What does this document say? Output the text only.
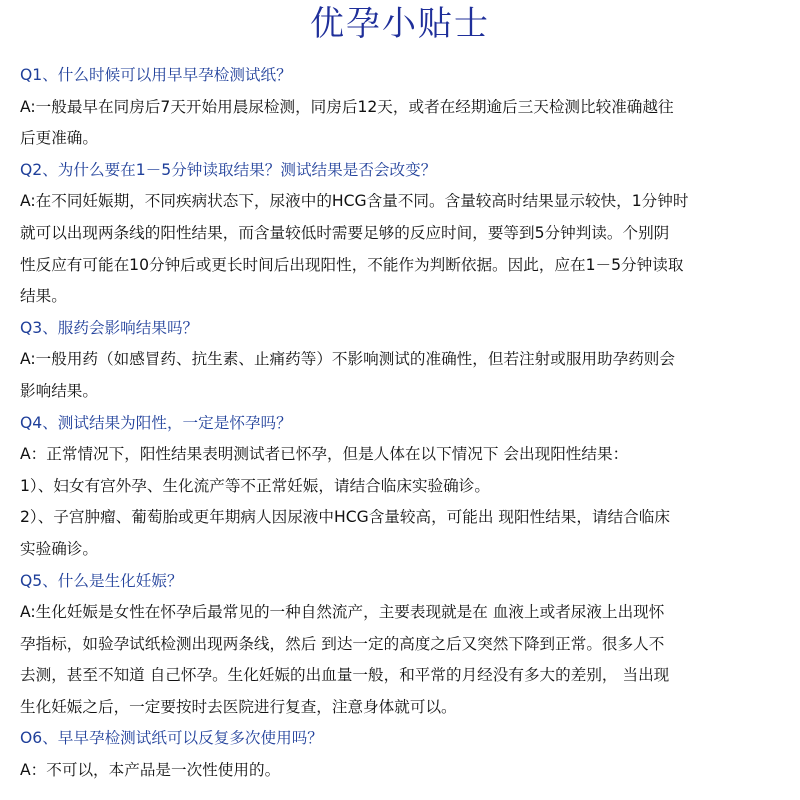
优孕小贴士
Q1、什么时候可以用早早孕检测试纸？
A:一般最早在同房后7天开始用晨尿检测，同房后12天，或者在经期逾后三天检测比较准确越往
后更准确。
Q2、为什么要在1－5分钟读取结果？测试结果是否会改变？
A:在不同妊娠期，不同疾病状态下，尿液中的HCG含量不同。含量较高时结果显示较快，1分钟时
就可以出现两条线的阳性结果，而含量较低时需要足够的反应时间，要等到5分钟判读。个别阴
性反应有可能在10分钟后或更长时间后出现阳性，不能作为判断依据。因此，应在1－5分钟读取
结果。
Q3、服药会影响结果吗？
A:一般用药（如感冒药、抗生素、止痛药等）不影响测试的准确性，但若注射或服用助孕药则会
影响结果。
Q4、测试结果为阳性，一定是怀孕吗？
A：正常情况下，阳性结果表明测试者已怀孕，但是人体在以下情况下 会出现阳性结果：
1）、妇女有宫外孕、生化流产等不正常妊娠，请结合临床实验确诊。
2）、子宫肿瘤、葡萄胎或更年期病人因尿液中HCG含量较高，可能出 现阳性结果，请结合临床
实验确诊。
Q5、什么是生化妊娠？
A:生化妊娠是女性在怀孕后最常见的一种自然流产，主要表现就是在 血液上或者尿液上出现怀
孕指标，如验孕试纸检测出现两条线，然后 到达一定的高度之后又突然下降到正常。很多人不
去测，甚至不知道 自己怀孕。生化妊娠的出血量一般，和平常的月经没有多大的差别， 当出现
生化妊娠之后，一定要按时去医院进行复查，注意身体就可以。
O6、早早孕检测试纸可以反复多次使用吗？
A：不可以，本产品是一次性使用的。
